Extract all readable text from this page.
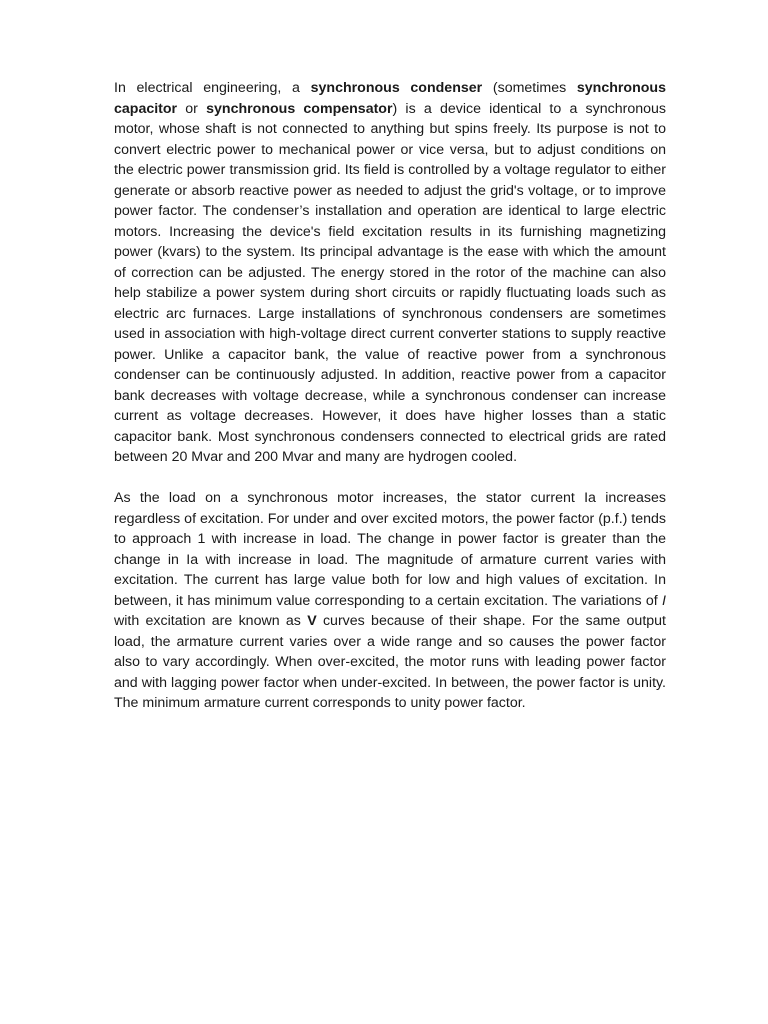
In electrical engineering, a synchronous condenser (sometimes synchronous capacitor or synchronous compensator) is a device identical to a synchronous motor, whose shaft is not connected to anything but spins freely. Its purpose is not to convert electric power to mechanical power or vice versa, but to adjust conditions on the electric power transmission grid. Its field is controlled by a voltage regulator to either generate or absorb reactive power as needed to adjust the grid's voltage, or to improve power factor. The condenser’s installation and operation are identical to large electric motors. Increasing the device's field excitation results in its furnishing magnetizing power (kvars) to the system. Its principal advantage is the ease with which the amount of correction can be adjusted. The energy stored in the rotor of the machine can also help stabilize a power system during short circuits or rapidly fluctuating loads such as electric arc furnaces. Large installations of synchronous condensers are sometimes used in association with high-voltage direct current converter stations to supply reactive power. Unlike a capacitor bank, the value of reactive power from a synchronous condenser can be continuously adjusted. In addition, reactive power from a capacitor bank decreases with voltage decrease, while a synchronous condenser can increase current as voltage decreases. However, it does have higher losses than a static capacitor bank. Most synchronous condensers connected to electrical grids are rated between 20 Mvar and 200 Mvar and many are hydrogen cooled.

As the load on a synchronous motor increases, the stator current Ia increases regardless of excitation. For under and over excited motors, the power factor (p.f.) tends to approach 1 with increase in load. The change in power factor is greater than the change in Ia with increase in load. The magnitude of armature current varies with excitation. The current has large value both for low and high values of excitation. In between, it has minimum value corresponding to a certain excitation. The variations of I with excitation are known as V curves because of their shape. For the same output load, the armature current varies over a wide range and so causes the power factor also to vary accordingly. When over-excited, the motor runs with leading power factor and with lagging power factor when under-excited. In between, the power factor is unity. The minimum armature current corresponds to unity power factor.
